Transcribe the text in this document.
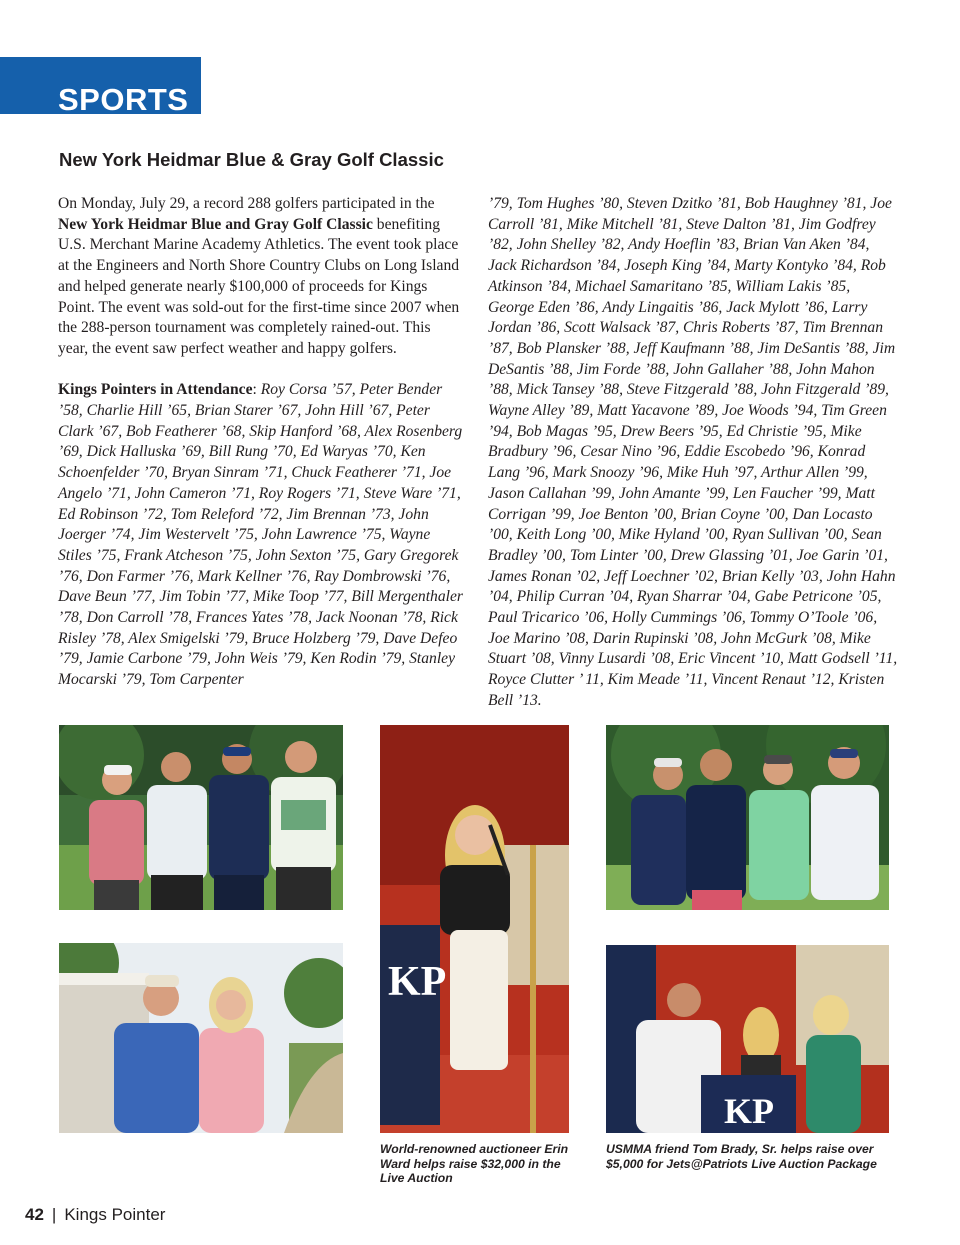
SPORTS
New York Heidmar Blue & Gray Golf Classic

On Monday, July 29, a record 288 golfers participated in the New York Heidmar Blue and Gray Golf Classic benefiting U.S. Merchant Marine Academy Athletics. The event took place at the Engineers and North Shore Country Clubs on Long Island and helped generate nearly $100,000 of proceeds for Kings Point. The event was sold-out for the first-time since 2007 when the 288-person tournament was completely rained-out. This year, the event saw perfect weather and happy golfers.

Kings Pointers in Attendance: Roy Corsa ’57, Peter Bender ’58, Charlie Hill ’65, Brian Starer ’67, John Hill ’67, Peter Clark ’67, Bob Featherer ’68, Skip Hanford ’68, Alex Rosenberg ’69, Dick Halluska ’69, Bill Rung ’70, Ed Waryas ’70, Ken Schoenfelder ’70, Bryan Sinram ’71, Chuck Featherer ’71, Joe Angelo ’71, John Cameron ’71, Roy Rogers ’71, Steve Ware ’71, Ed Robinson ’72, Tom Releford ’72, Jim Brennan ’73, John Joerger ’74, Jim Westervelt ’75, John Lawrence ’75, Wayne Stiles ’75, Frank Atcheson ’75, John Sexton ’75, Gary Gregorek ’76, Don Farmer ’76, Mark Kellner ’76, Ray Dombrowski ’76, Dave Beun ’77, Jim Tobin ’77, Mike Toop ’77, Bill Mergenthaler ’78, Don Carroll ’78, Frances Yates ’78, Jack Noonan ’78, Rick Risley ’78, Alex Smigelski ’79, Bruce Holzberg ’79, Dave Defeo ’79, Jamie Carbone ’79, John Weis ’79, Ken Rodin ’79, Stanley Mocarski ’79, Tom Carpenter

’79, Tom Hughes ’80, Steven Dzitko ’81, Bob Haughney ’81, Joe Carroll ’81, Mike Mitchell ’81, Steve Dalton ’81, Jim Godfrey ’82, John Shelley ’82, Andy Hoeflin ’83, Brian Van Aken ’84, Jack Richardson ’84, Joseph King ’84, Marty Kontyko ’84, Rob Atkinson ’84, Michael Samaritano ’85, William Lakis ’85, George Eden ’86, Andy Lingaitis ’86, Jack Mylott ’86, Larry Jordan ’86, Scott Walsack ’87, Chris Roberts ’87, Tim Brennan ’87, Bob Plansker ’88, Jeff Kaufmann ’88, Jim DeSantis ’88, Jim DeSantis ’88, Jim Forde ’88, John Gallaher ’88, John Mahon ’88, Mick Tansey ’88, Steve Fitzgerald ’88, John Fitzgerald ’89, Wayne Alley ’89, Matt Yacavone ’89, Joe Woods ’94, Tim Green ’94, Bob Magas ’95, Drew Beers ’95, Ed Christie ’95, Mike Bradbury ’96, Cesar Nino ’96, Eddie Escobedo ’96, Konrad Lang ’96, Mark Snoozy ’96, Mike Huh ’97, Arthur Allen ’99, Jason Callahan ’99, John Amante ’99, Len Faucher ’99, Matt Corrigan ’99, Joe Benton ’00, Brian Coyne ’00, Dan Locasto ’00, Keith Long ’00, Mike Hyland ’00, Ryan Sullivan ’00, Sean Bradley ’00, Tom Linter ’00, Drew Glassing ’01, Joe Garin ’01, James Ronan ’02, Jeff Loechner ’02, Brian Kelly ’03, John Hahn ’04, Philip Curran ’04, Ryan Sharrar ’04, Gabe Petricone ’05, Paul Tricarico ’06, Holly Cummings ’06, Tommy O’Toole ’06, Joe Marino ’08, Darin Rupinski ’08, John McGurk ’08, Mike Stuart ’08, Vinny Lusardi ’08, Eric Vincent ’10, Matt Godsell ’11, Royce Clutter ’ 11, Kim Meade ’11, Vincent Renaut ’12, Kristen Bell ’13.

KP
KP

World-renowned auctioneer Erin Ward helps raise $32,000 in the Live Auction

USMMA friend Tom Brady, Sr. helps raise over $5,000 for Jets@Patriots Live Auction Package

42 | Kings Pointer
